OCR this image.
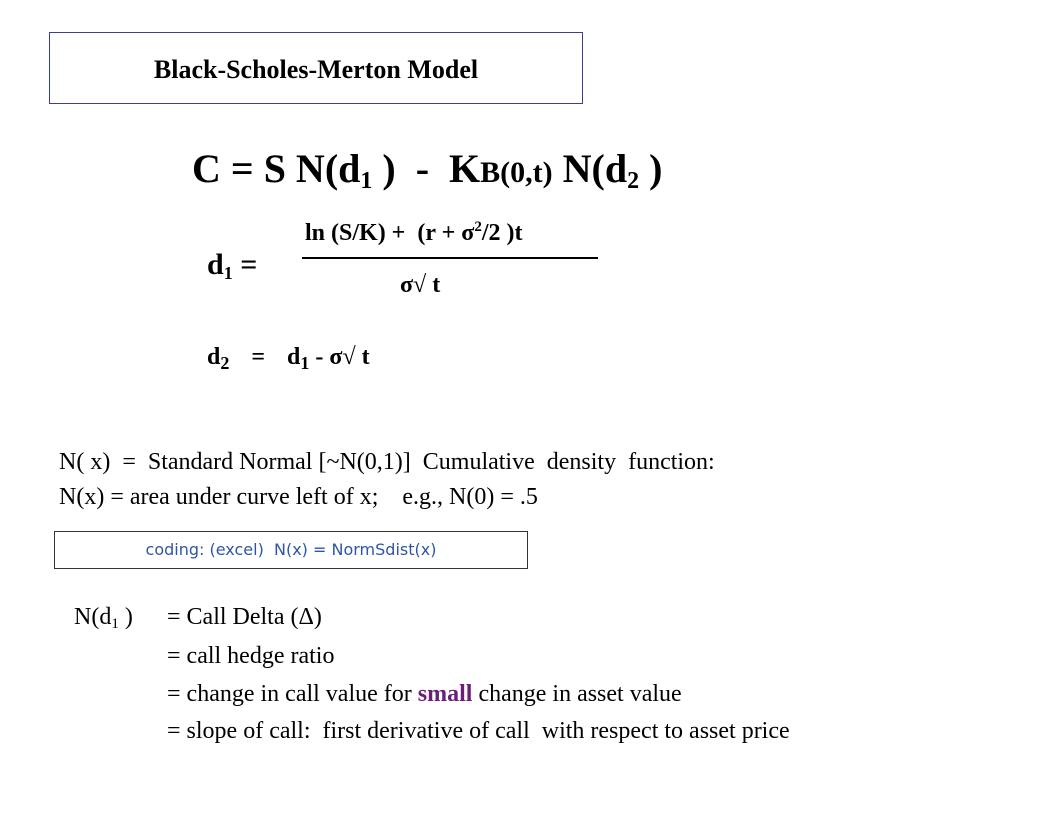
Black-Scholes-Merton Model
C = S $N(d_1$ )  -  KB(0,t) $N(d_2$ )
$d_1$ =
$\ln (S/K) + (r + \sigma^2/2$ )t
σ√ t
$d_2 = d_1 - \sigma√$ t
N( x)  =  Standard Normal [~N(0,1)]  Cumulative  density  function:
N(x) = area under curve left of x;    e.g., N(0) = .5
coding: (excel)  N(x) = NormSdist(x)
$N(d_1$ ) = Call Delta (Δ)
= call hedge ratio
= change in call value for small change in asset value
= slope of call:  first derivative of call  with respect to asset price
